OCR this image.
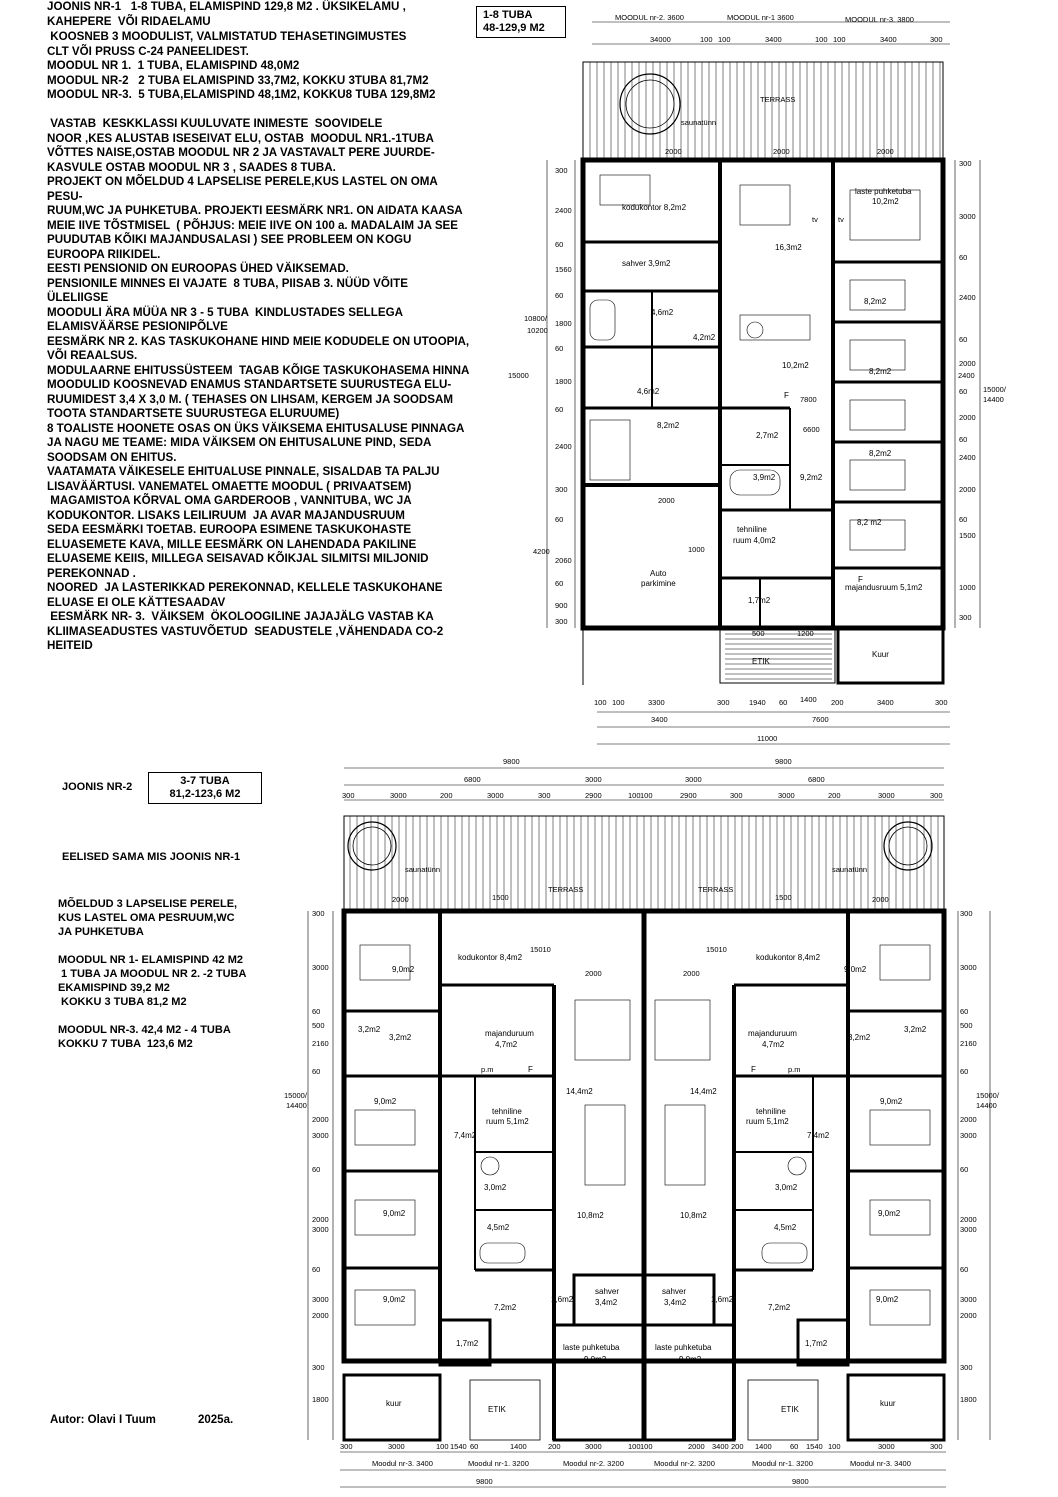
JOONIS NR-1   1-8 TUBA, ELAMISPIND 129,8 M2 . ÜKSIKELAMU ,
KAHEPERE  VÕI RIDAELAMU	1-8 TUBA
48-129,9 M2
KOOSNEB 3 MOODULIST, VALMISTATUD TEHASETINGIMUSTES
CLT VÕI PRUSS C-24 PANEELIDEST.
MOODUL NR 1.  1 TUBA, ELAMISPIND 48,0M2
MOODUL NR-2   2 TUBA ELAMISPIND 33,7M2, KOKKU 3TUBA 81,7M2
MOODUL NR-3.  5 TUBA,ELAMISPIND 48,1M2, KOKKU8 TUBA 129,8M2

VASTAB  KESKKLASSI KUULUVATE INIMESTE  SOOVIDELE
NOOR ,KES ALUSTAB ISESEIVAT ELU, OSTAB  MOODUL NR1.-1TUBA
VÕTTES NAISE,OSTAB MOODUL NR 2 JA VASTAVALT PERE JUURDE-
KASVULE OSTAB MOODUL NR 3 , SAADES 8 TUBA.
PROJEKT ON MÕELDUD 4 LAPSELISE PERELE,KUS LASTEL ON OMA
PESU-
RUUM,WC JA PUHKETUBA. PROJEKTI EESMÄRK NR1. ON AIDATA KAASA
MEIE IIVE TÕSTMISEL  ( PÕHJUS: MEIE IIVE ON 100 a. MADALAIM JA SEE
PUUDUTAB KÕIKI MAJANDUSALASI ) SEE PROBLEEM ON KOGU
EUROOPA RIIKIDEL.
EESTI PENSIONID ON EUROOPAS ÜHED VÄIKSEMAD.
PENSIONILE MINNES EI VAJATE  8 TUBA, PIISAB 3. NÜÜD VÕITE
ÜLELIIGSE
MOODULI ÄRA MÜÜA NR 3 - 5 TUBA  KINDLUSTADES SELLEGA
ELAMISVÄÄRSE PESIONIPÕLVE
EESMÄRK NR 2. KAS TASKUKOHANE HIND MEIE KODUDELE ON UTOOPIA,
VÕI REAALSUS.
MODULAARNE EHITUSSÜSTEEM  TAGAB KÕIGE TASKUKOHASEMA HINNA
MOODULID KOOSNEVAD ENAMUS STANDARTSETE SUURUSTEGA ELU-
RUUMIDEST 3,4 X 3,0 M. ( TEHASES ON LIHSAM, KERGEM JA SOODSAM
TOOTA STANDARTSETE SUURUSTEGA ELURUUME)
8 TOALISTE HOONETE OSAS ON ÜKS VÄIKSEMA EHITUSALUSE PINNAGA
JA NAGU ME TEAME: MIDA VÄIKSEM ON EHITUSALUNE PIND, SEDA
SOODSAM ON EHITUS.
VAATAMATA VÄIKESELE EHITUALUSE PINNALE, SISALDAB TA PALJU
LISAVÄÄRTUSI. VANEMATEL OMAETTE MOODUL ( PRIVAATSEM)
MAGAMISTOA KÕRVAL OMA GARDEROOB , VANNITUBA, WC JA
KODUKONTOR. LISAKS LEILIRUUM  JA AVAR MAJANDUSRUUM
SEDA EESMÄRKI TOETAB. EUROOPA ESIMENE TASKUKOHASTE
ELUASEMETE KAVA, MILLE EESMÄRK ON LAHENDADA PAKILINE
ELUASEME KEIIS, MILLEGA SEISAVAD KÕIKJAL SILMITSI MILJONID
PEREKONNAD .
NOORED  JA LASTERIKKAD PEREKONNAD, KELLELE TASKUKOHANE
ELUASE EI OLE KÄTTESAADAV
EESMÄRK NR- 3.  VÄIKSEM  ÖKOLOOGILINE JAJAJÄLG VASTAB KA
KLIIMASEADUSTES VASTUVÕETUD  SEADUSTELE ,VÄHENDADA CO-2
HEITEID
JOONIS NR-2	3-7 TUBA
81,2-123,6 M2
EELISED SAMA MIS JOONIS NR-1
MÕELDUD 3 LAPSELISE PERELE,
KUS LASTEL OMA PESRUUM,WC
JA PUHKETUBA

MOODUL NR 1- ELAMISPIND 42 M2
1 TUBA JA MOODUL NR 2. -2 TUBA
EKAMISPIND 39,2 M2
KOKKU 3 TUBA 81,2 M2

MOODUL NR-3. 42,4 M2 - 4 TUBA
KOKKU 7 TUBA  123,6 M2
Autor: Olavi I Tuum	2025a.
MOODUL nr-2. 3600	MOODUL nr-1 3600	MOODUL nr-3. 3800
34000	100 100	3400	100 100	3400	300
TERRASS
saunatünn
kodukontor 8,2m2
sahver 3,9m2
4,6m2
4,6m2
4,2m2
8,2m2
16,3m2
laste puhketuba
10,2m2
8,2m2
8,2m2
8,2m2
8,2 m2
10,2m2
2,7m2
3,9m2	9,2m2
tehniline
ruum 4,0m2
Auto
parkimine
1,7m2
majandusruum 5,1m2
Kuur
ETIK
tv	tv
F
F
300
2400
60
1560
60
1800
60
1800
60
2400
300
60
2060
60
900
300
10800/
10200
15000
4200
300
3000
60
2400
60
2000
60
2000
60
2400
2000
60
1500
1000
300
15000/
14400
2400
2000	2000	2000
2000
1000
7800
6600
500	1200
100 100	3300	300	1940 60 1400 200	3400	300
3400	7600
11000
9800	9800
6800	3000	3000	6800
300	3000	200	3000	300	2900	100 100	2900	300	3000	200	3000	300
TERRASS	TERRASS
saunatünn	saunatünn
2000	2000
1500	1500
kodukontor 8,4m2	kodukontor 8,4m2
15010	15010
2000	2000
9,0m2	9,0m2
3,2m2
3,2m2	3,2m2
3,2m2
majanduruum
4,7m2
majanduruum
4,7m2
p.m	F	F	p.m
14,4m2	14,4m2
9,0m2	9,0m2
tehniline
ruum 5,1m2
tehniline
ruum 5,1m2
7,4m2	7,4m2
3,0m2	3,0m2
9,0m2	9,0m2
4,5m2	4,5m2
10,8m2	10,8m2
sahver
3,4m2
sahver
3,4m2
1,6m2	1,6m2
7,2m2	7,2m2
9,0m2	9,0m2
laste puhketuba
9,0m2
laste puhketuba
9,0m2
1,7m2	1,7m2
kuur	kuur
ETIK	ETIK
300	300
3000	3000
60	60
500	500
2160	2160
60	60
2000	2000
3000	3000
60	60
2000	2000
3000	3000
60	60
3000	3000
2000	2000
300	300
1800	1800
15000/
14400
15000/
14400
300	3000	100 1540 60	1400	200	3000	100 100	2000 3400 200 1400 60 1540 100	3000	300
Moodul nr-3. 3400	Moodul nr-1. 3200	Moodul nr-2. 3200	Moodul nr-2. 3200	Moodul nr-1. 3200	Moodul nr-3. 3400
9800	9800
